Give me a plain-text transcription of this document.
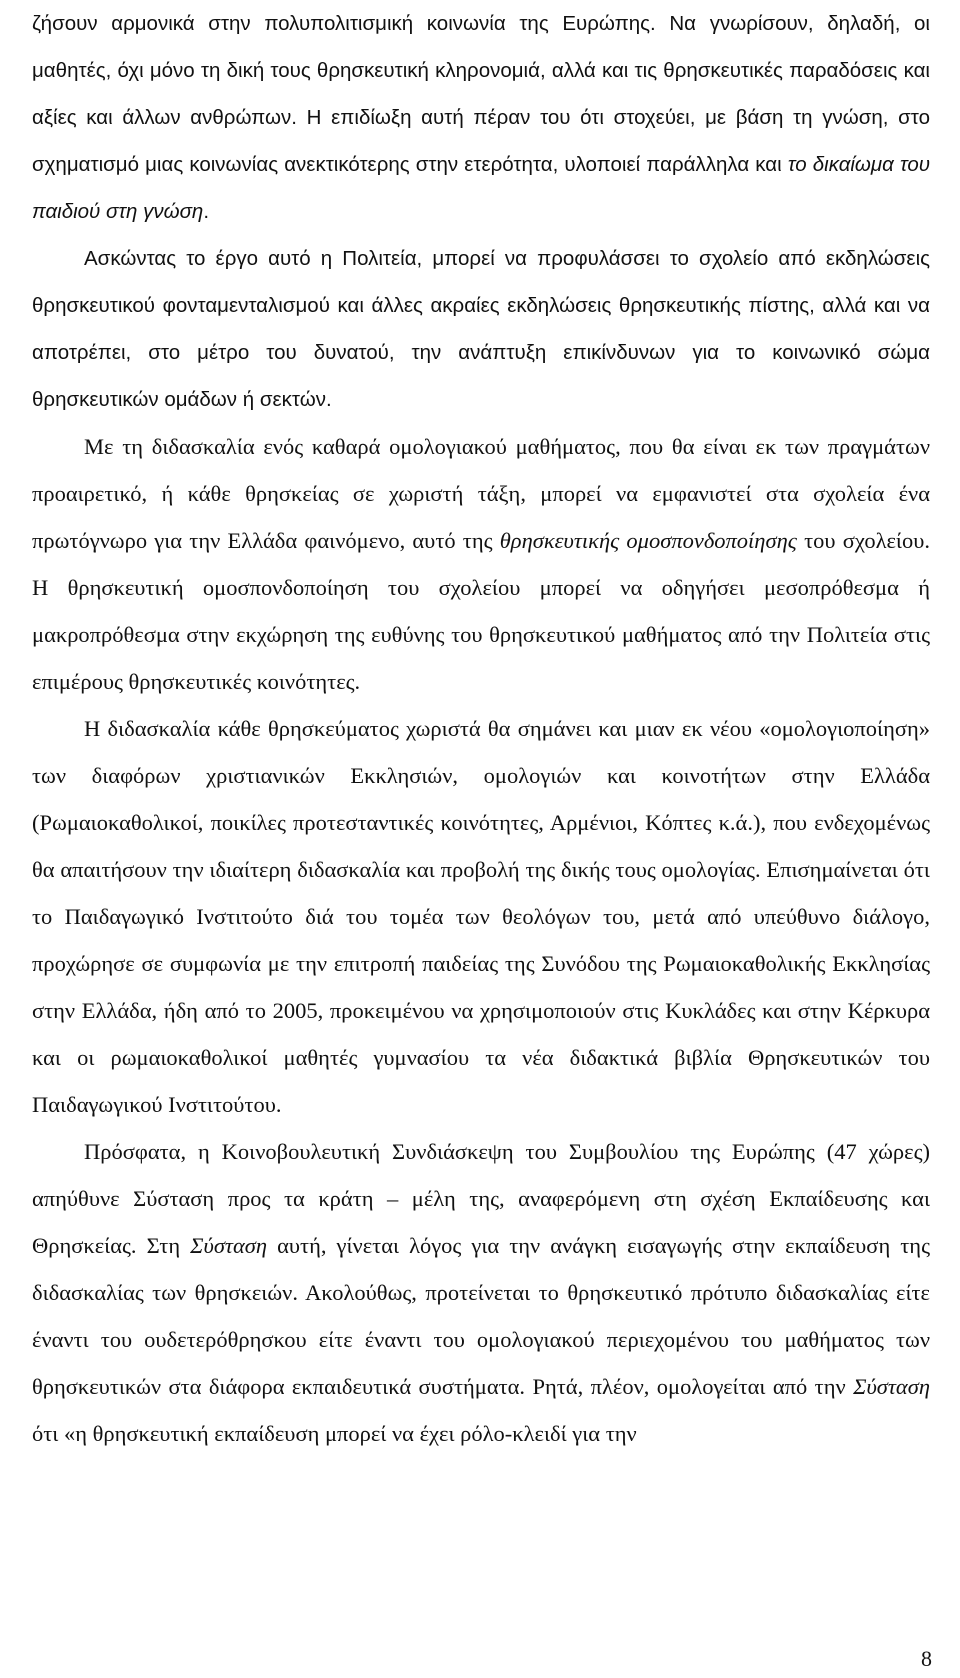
ζήσουν αρμονικά στην πολυπολιτισμική κοινωνία της Ευρώπης. Να γνωρίσουν, δηλαδή, οι μαθητές, όχι μόνο τη δική τους θρησκευτική κληρονομιά, αλλά και τις θρησκευτικές παραδόσεις και αξίες και άλλων ανθρώπων. Η επιδίωξη αυτή πέραν του ότι στοχεύει, με βάση τη γνώση, στο σχηματισμό μιας κοινωνίας ανεκτικότερης στην ετερότητα, υλοποιεί παράλληλα και το δικαίωμα του παιδιού στη γνώση.

Ασκώντας το έργο αυτό η Πολιτεία, μπορεί να προφυλάσσει το σχολείο από εκδηλώσεις θρησκευτικού φονταμενταλισμού και άλλες ακραίες εκδηλώσεις θρησκευτικής πίστης, αλλά και να αποτρέπει, στο μέτρο του δυνατού, την ανάπτυξη επικίνδυνων για το κοινωνικό σώμα θρησκευτικών ομάδων ή σεκτών.

Με τη διδασκαλία ενός καθαρά ομολογιακού μαθήματος, που θα είναι εκ των πραγμάτων προαιρετικό, ή κάθε θρησκείας σε χωριστή τάξη, μπορεί να εμφανιστεί στα σχολεία ένα πρωτόγνωρο για την Ελλάδα φαινόμενο, αυτό της θρησκευτικής ομοσπονδοποίησης του σχολείου. Η θρησκευτική ομοσπονδοποίηση του σχολείου μπορεί να οδηγήσει μεσοπρόθεσμα ή μακροπρόθεσμα στην εκχώρηση της ευθύνης του θρησκευτικού μαθήματος από την Πολιτεία στις επιμέρους θρησκευτικές κοινότητες.

Η διδασκαλία κάθε θρησκεύματος χωριστά θα σημάνει και μιαν εκ νέου «ομολογιοποίηση» των διαφόρων χριστιανικών Εκκλησιών, ομολογιών και κοινοτήτων στην Ελλάδα (Ρωμαιοκαθολικοί, ποικίλες προτεσταντικές κοινότητες, Αρμένιοι, Κόπτες κ.ά.), που ενδεχομένως θα απαιτήσουν την ιδιαίτερη διδασκαλία και προβολή της δικής τους ομολογίας. Επισημαίνεται ότι το Παιδαγωγικό Ινστιτούτο διά του τομέα των θεολόγων του, μετά από υπεύθυνο διάλογο, προχώρησε σε συμφωνία με την επιτροπή παιδείας της Συνόδου της Ρωμαιοκαθολικής Εκκλησίας στην Ελλάδα, ήδη από το 2005, προκειμένου να χρησιμοποιούν στις Κυκλάδες και στην Κέρκυρα και οι ρωμαιοκαθολικοί μαθητές γυμνασίου τα νέα διδακτικά βιβλία Θρησκευτικών του Παιδαγωγικού Ινστιτούτου.

Πρόσφατα, η Κοινοβουλευτική Συνδιάσκεψη του Συμβουλίου της Ευρώπης (47 χώρες) απηύθυνε Σύσταση προς τα κράτη – μέλη της, αναφερόμενη στη σχέση Εκπαίδευσης και Θρησκείας. Στη Σύσταση αυτή, γίνεται λόγος για την ανάγκη εισαγωγής στην εκπαίδευση της διδασκαλίας των θρησκειών. Ακολούθως, προτείνεται το θρησκευτικό πρότυπο διδασκαλίας είτε έναντι του ουδετερόθρησκου είτε έναντι του ομολογιακού περιεχομένου του μαθήματος των θρησκευτικών στα διάφορα εκπαιδευτικά συστήματα. Ρητά, πλέον, ομολογείται από την Σύσταση ότι «η θρησκευτική εκπαίδευση μπορεί να έχει ρόλο-κλειδί για την

8
